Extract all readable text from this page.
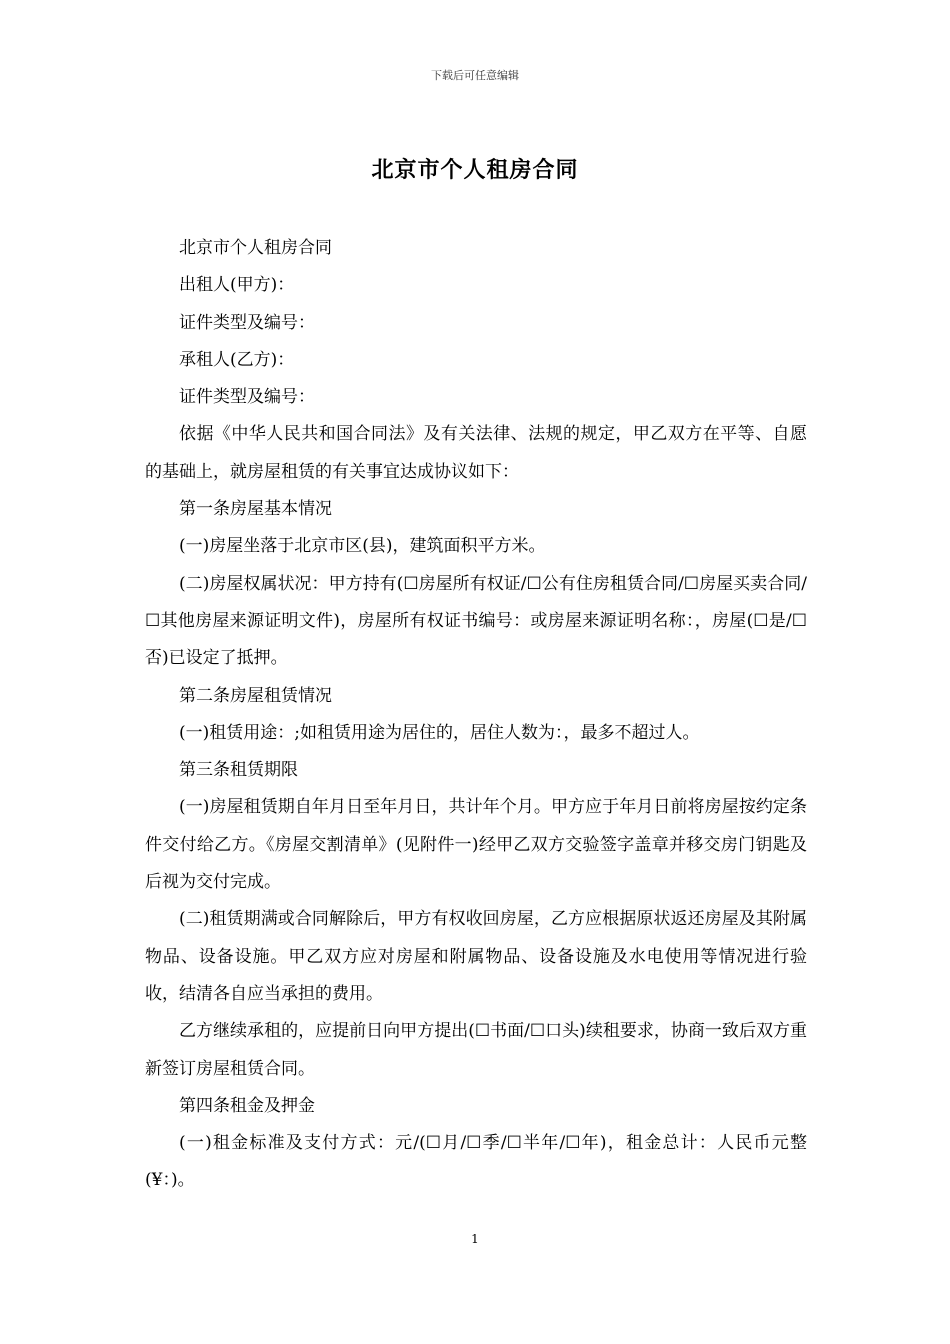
下载后可任意编辑
北京市个人租房合同

北京市个人租房合同

出租人(甲方)：

证件类型及编号：

承租人(乙方)：

证件类型及编号：

依据《中华人民共和国合同法》及有关法律、法规的规定，甲乙双方在平等、自愿的基础上，就房屋租赁的有关事宜达成协议如下：

第一条房屋基本情况

(一)房屋坐落于北京市区(县)，建筑面积平方米。

(二)房屋权属状况：甲方持有(☐房屋所有权证/☐公有住房租赁合同/☐房屋买卖合同/☐其他房屋来源证明文件)，房屋所有权证书编号：或房屋来源证明名称：，房屋(☐是/☐否)已设定了抵押。

第二条房屋租赁情况

(一)租赁用途：;如租赁用途为居住的，居住人数为：，最多不超过人。

第三条租赁期限

(一)房屋租赁期自年月日至年月日，共计年个月。甲方应于年月日前将房屋按约定条件交付给乙方。《房屋交割清单》(见附件一)经甲乙双方交验签字盖章并移交房门钥匙及后视为交付完成。

(二)租赁期满或合同解除后，甲方有权收回房屋，乙方应根据原状返还房屋及其附属物品、设备设施。甲乙双方应对房屋和附属物品、设备设施及水电使用等情况进行验收，结清各自应当承担的费用。

乙方继续承租的，应提前日向甲方提出(☐书面/☐口头)续租要求，协商一致后双方重新签订房屋租赁合同。

第四条租金及押金

(一)租金标准及支付方式：元/(☐月/☐季/☐半年/☐年)，租金总计：人民币元整(¥：)。

1
